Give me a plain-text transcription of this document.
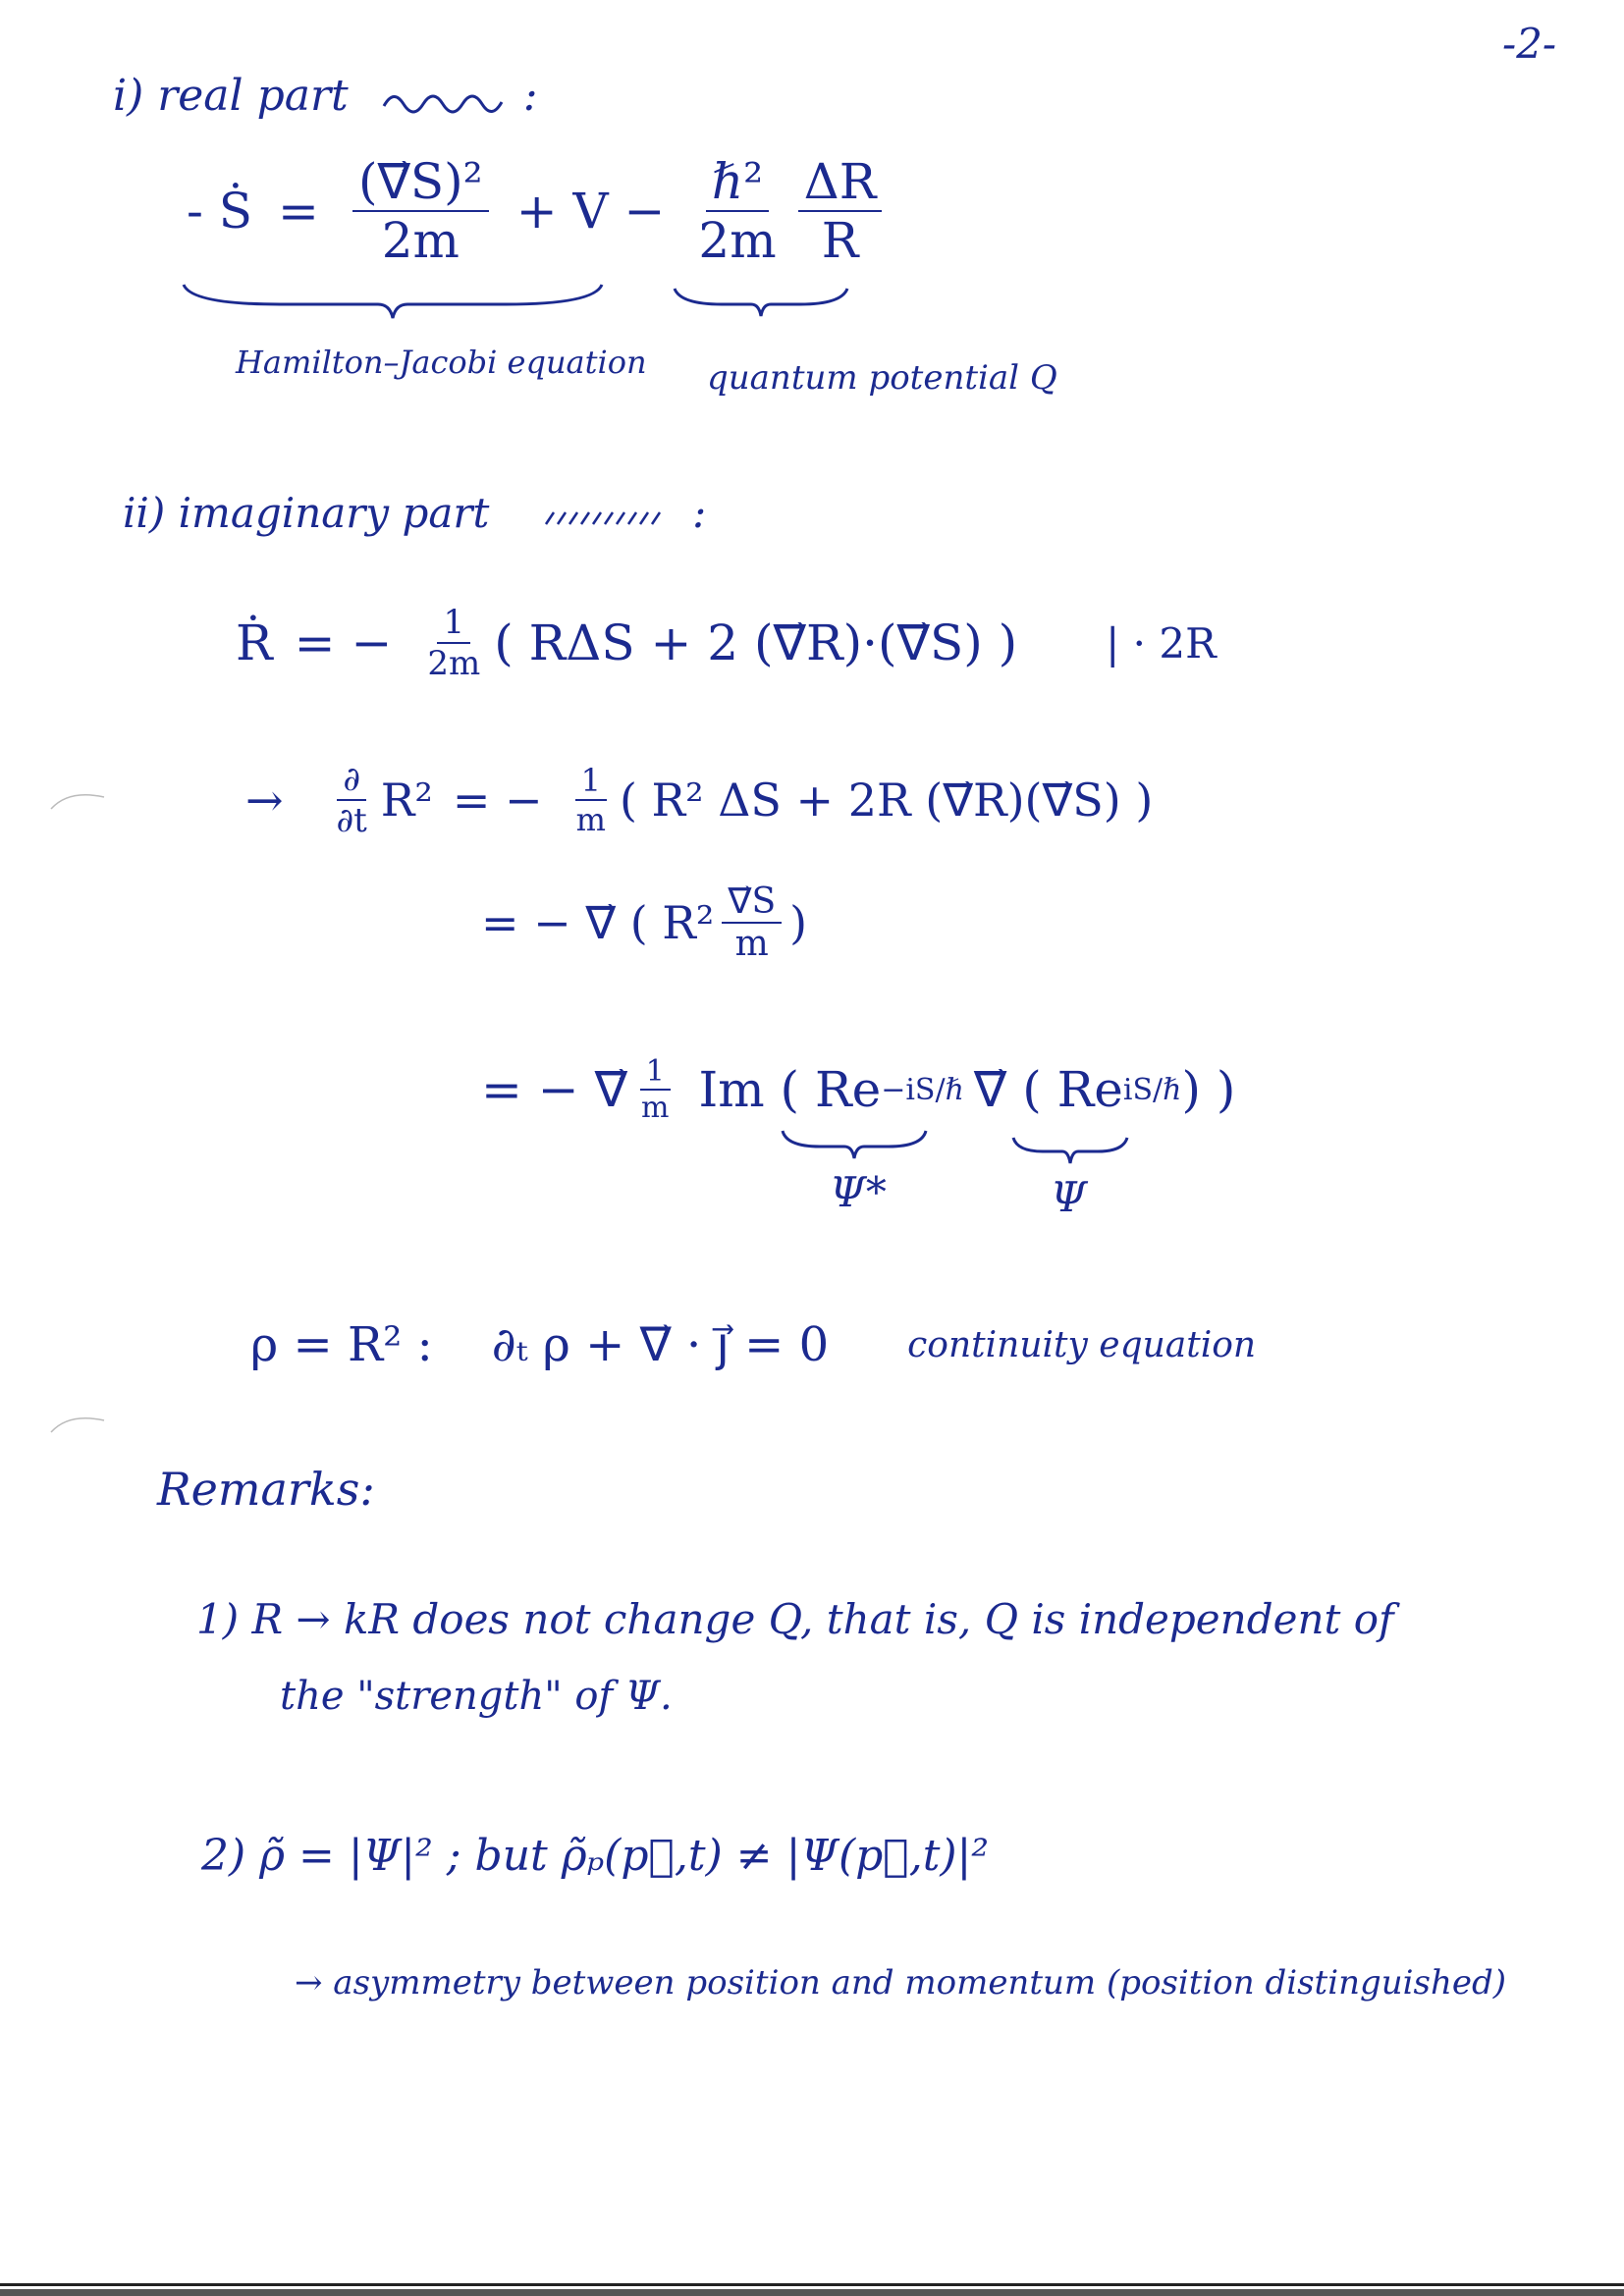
-2-
i) real part	:
- Ṡ = $\frac{\text{(∇⃗S)²}}{2m} + V - \frac{\text{ℏ²}}{2m} \frac{\Delta R}{R}$
Hamilton–Jacobi equation quantum potential Q
ii) imaginary part	:
Ṙ = − $\frac{1}{2m}$ ( RΔS + 2 (∇⃗R)·(∇⃗S) ) | · 2R
→ $\frac{\partial}{\partial t} R^2$ = − $\frac{1}{m}$ ( R² ΔS + 2R (∇⃗R)(∇⃗S) )
= − ∇⃗ ( $R^2 \frac{\nabla⃗S}{m}$ )
= − ∇⃗ $\frac{1}{m}$ Im ( Re −iS/ℏ ∇⃗ ( Re iS/ℏ ) )
Ψ*	Ψ
ρ = R² : ∂ₜ ρ + ∇⃗ · j⃗ = 0 continuity equation
Remarks:
1) R → kR does not change Q, that is, Q is independent of
the "strength" of Ψ.
2) ρ̃ = |Ψ|² ; but ρ̃ₚ(p⃗,t) ≠ |Ψ(p⃗,t)|²
→ asymmetry between position and momentum (position distinguished)
